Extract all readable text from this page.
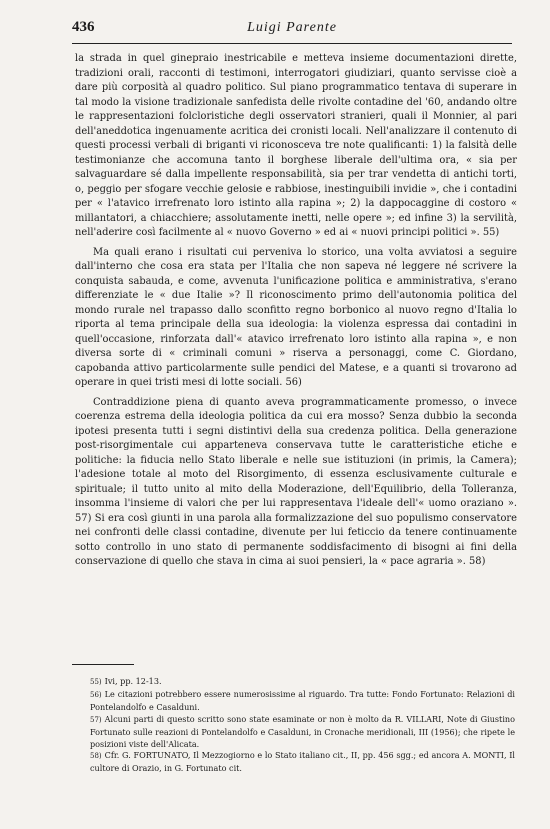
436	Luigi Parente

la strada in quel ginepraio inestricabile e metteva insieme documentazioni dirette, tradizioni orali, racconti di testimoni, interrogatori giudiziari, quanto servisse cioè a dare più corposità al quadro politico. Sul piano programmatico tentava di superare in tal modo la visione tradizionale sanfedista delle rivolte contadine del '60, andando oltre le rappresentazioni folcloristiche degli osservatori stranieri, quali il Monnier, al pari dell'aneddotica ingenuamente acritica dei cronisti locali. Nell'analizzare il contenuto di questi processi verbali di briganti vi riconosceva tre note qualificanti: 1) la falsità delle testimonianze che accomuna tanto il borghese liberale dell'ultima ora, « sia per salvaguardare sé dalla impellente responsabilità, sia per trar vendetta di antichi torti, o, peggio per sfogare vecchie gelosie e rabbiose, inestinguibili invidie », che i contadini per « l'atavico irrefrenato loro istinto alla rapina »; 2) la dappocaggine di costoro « millantatori, a chiacchiere; assolutamente inetti, nelle opere »; ed infine 3) la servilità, nell'aderire così facilmente al « nuovo Governo » ed ai « nuovi principi politici ». 55)

Ma quali erano i risultati cui perveniva lo storico, una volta avviatosi a seguire dall'interno che cosa era stata per l'Italia che non sapeva né leggere né scrivere la conquista sabauda, e come, avvenuta l'unificazione politica e amministrativa, s'erano differenziate le « due Italie »? Il riconoscimento primo dell'autonomia politica del mondo rurale nel trapasso dallo sconfitto regno borbonico al nuovo regno d'Italia lo riporta al tema principale della sua ideologia: la violenza espressa dai contadini in quell'occasione, rinforzata dall'« atavico irrefrenato loro istinto alla rapina », e non diversa sorte di « criminali comuni » riserva a personaggi, come C. Giordano, capobanda attivo particolarmente sulle pendici del Matese, e a quanti si trovarono ad operare in quei tristi mesi di lotte sociali. 56)

Contraddizione piena di quanto aveva programmaticamente promesso, o invece coerenza estrema della ideologia politica da cui era mosso? Senza dubbio la seconda ipotesi presenta tutti i segni distintivi della sua credenza politica. Della generazione post-risorgimentale cui apparteneva conservava tutte le caratteristiche etiche e politiche: la fiducia nello Stato liberale e nelle sue istituzioni (in primis, la Camera); l'adesione totale al moto del Risorgimento, di essenza esclusivamente culturale e spirituale; il tutto unito al mito della Moderazione, dell'Equilibrio, della Tolleranza, insomma l'insieme di valori che per lui rappresentava l'ideale dell'« uomo oraziano ». 57) Si era così giunti in una parola alla formalizzazione del suo populismo conservatore nei confronti delle classi contadine, divenute per lui feticcio da tenere continuamente sotto controllo in uno stato di permanente soddisfacimento di bisogni ai fini della conservazione di quello che stava in cima ai suoi pensieri, la « pace agraria ». 58)

55) Ivi, pp. 12-13.

56) Le citazioni potrebbero essere numerosissime al riguardo. Tra tutte: Fondo Fortunato: Relazioni di Pontelandolfo e Casalduni.

57) Alcuni parti di questo scritto sono state esaminate or non è molto da R. VILLARI, Note di Giustino Fortunato sulle reazioni di Pontelandolfo e Casalduni, in Cronache meridionali, III (1956); che ripete le posizioni viste dell'Alicata.

58) Cfr. G. FORTUNATO, Il Mezzogiorno e lo Stato italiano cit., II, pp. 456 sgg.; ed ancora A. MONTI, Il cultore di Orazio, in G. Fortunato cit.
